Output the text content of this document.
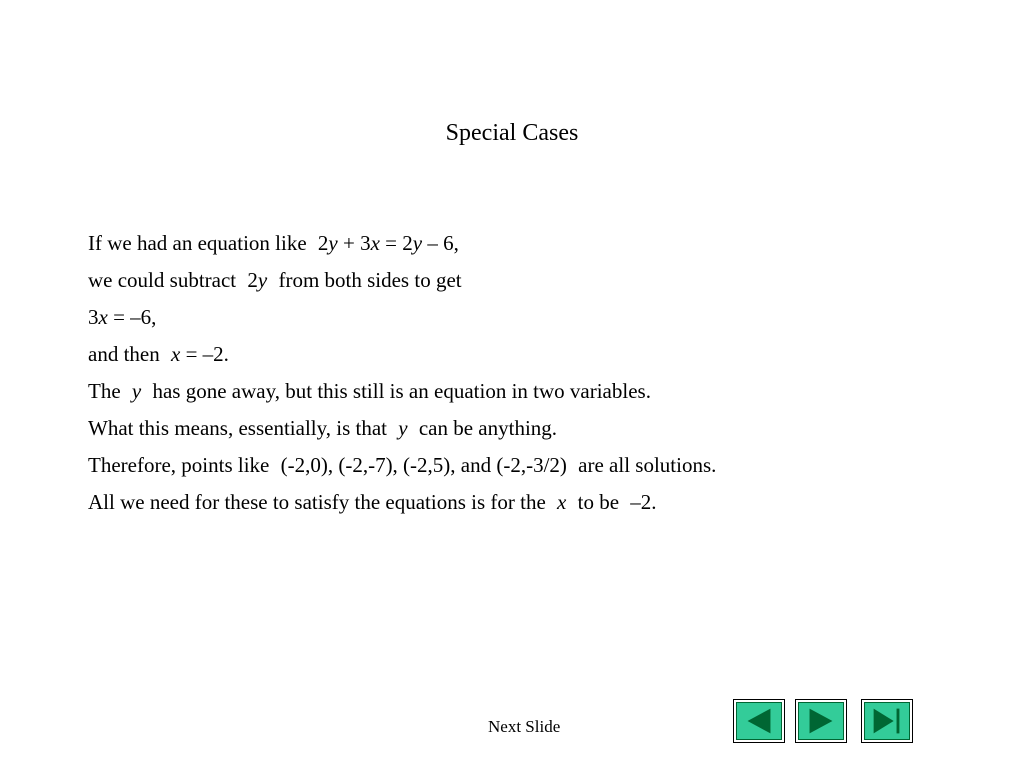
Special Cases
If we had an equation like 2y + 3x = 2y – 6,
we could subtract 2y from both sides to get
3x = –6,
and then x = –2.
The y has gone away, but this still is an equation in two variables.
What this means, essentially, is that y can be anything.
Therefore, points like (-2,0), (-2,-7), (-2,5), and (-2,-3/2) are all solutions.
All we need for these to satisfy the equations is for the x to be –2.
Next Slide
